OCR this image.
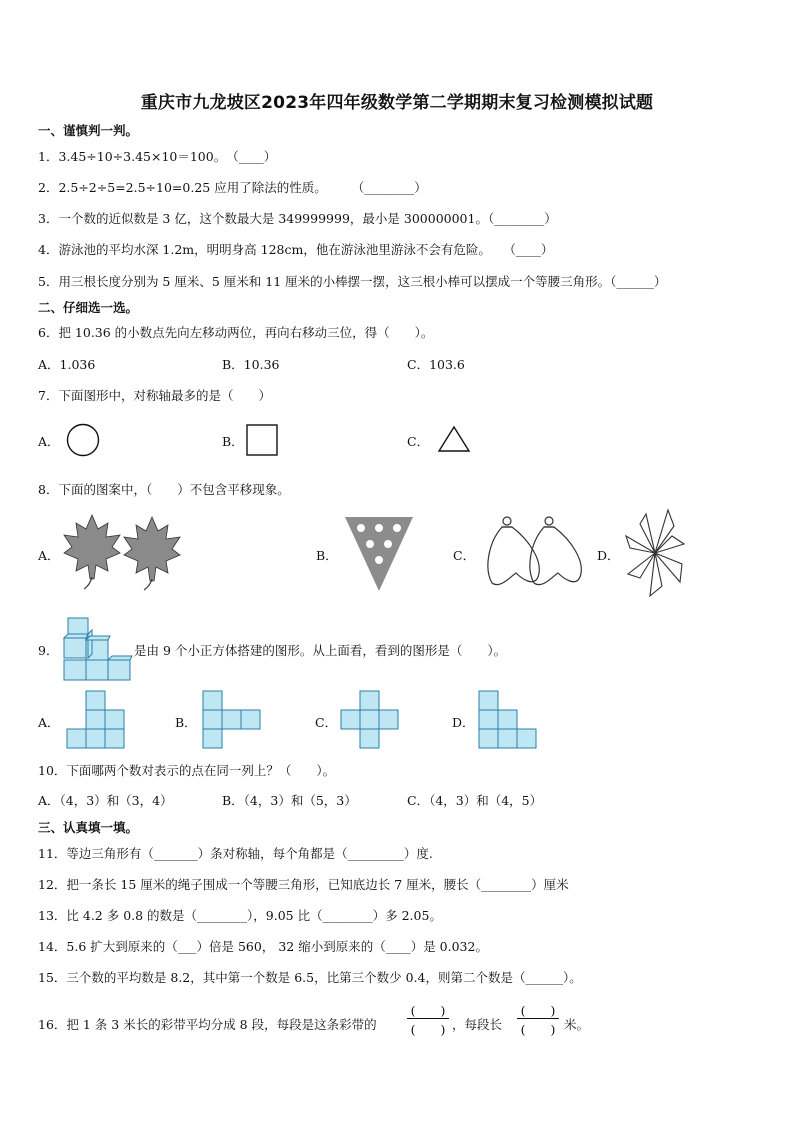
重庆市九龙坡区2023年四年级数学第二学期期末复习检测模拟试题
一、谨慎判一判。
1．3.45÷10÷3.45×10＝100。　（____）
2．2.5÷2÷5=2.5÷10=0.25 应用了除法的性质。　　　（________）
3．一个数的近似数是 3 亿，这个数最大是 349999999，最小是 300000001。（________）
4．游泳池的平均水深 1.2m，明明身高 128cm，他在游泳池里游泳不会有危险。　　（____）
5．用三根长度分别为 5 厘米、5 厘米和 11 厘米的小棒摆一摆，这三根小棒可以摆成一个等腰三角形。（______）
二、仔细选一选。
6．把 10.36 的小数点先向左移动两位，再向右移动三位，得（　　）。
A．1.036	B．10.36	C．103.6
7．下面图形中，对称轴最多的是（　　）
A．	B．	C．
8．下面的图案中，（　　）不包含平移现象。
A．	B．	C．	D．
9．	是由 9 个小正方体搭建的图形。从上面看，看到的图形是（　　）。
A．	B．	C．	D．
10．下面哪两个数对表示的点在同一列上？（　　）。
A．（4，3）和（3，4）	B．（4，3）和（5，3）	C．（4，3）和（4，5）
三、认真填一填。
11．等边三角形有（_______）条对称轴，每个角都是（_________）度.
12．把一条长 15 厘米的绳子围成一个等腰三角形，已知底边长 7 厘米，腰长（________）厘米
13．比 4.2 多 0.8 的数是（________），9.05 比（________）多 2.05。
14．5.6 扩大到原来的（___）倍是 560， 32 缩小到原来的（____）是 0.032。
15．三个数的平均数是 8.2，其中第一个数是 6.5，比第三个数少 0.4，则第二个数是（______）。
16．把 1 条 3 米长的彩带平均分成 8 段，每段是这条彩带的
(　　)
(　　) ，每段长
(　　)
(　　) 米。
